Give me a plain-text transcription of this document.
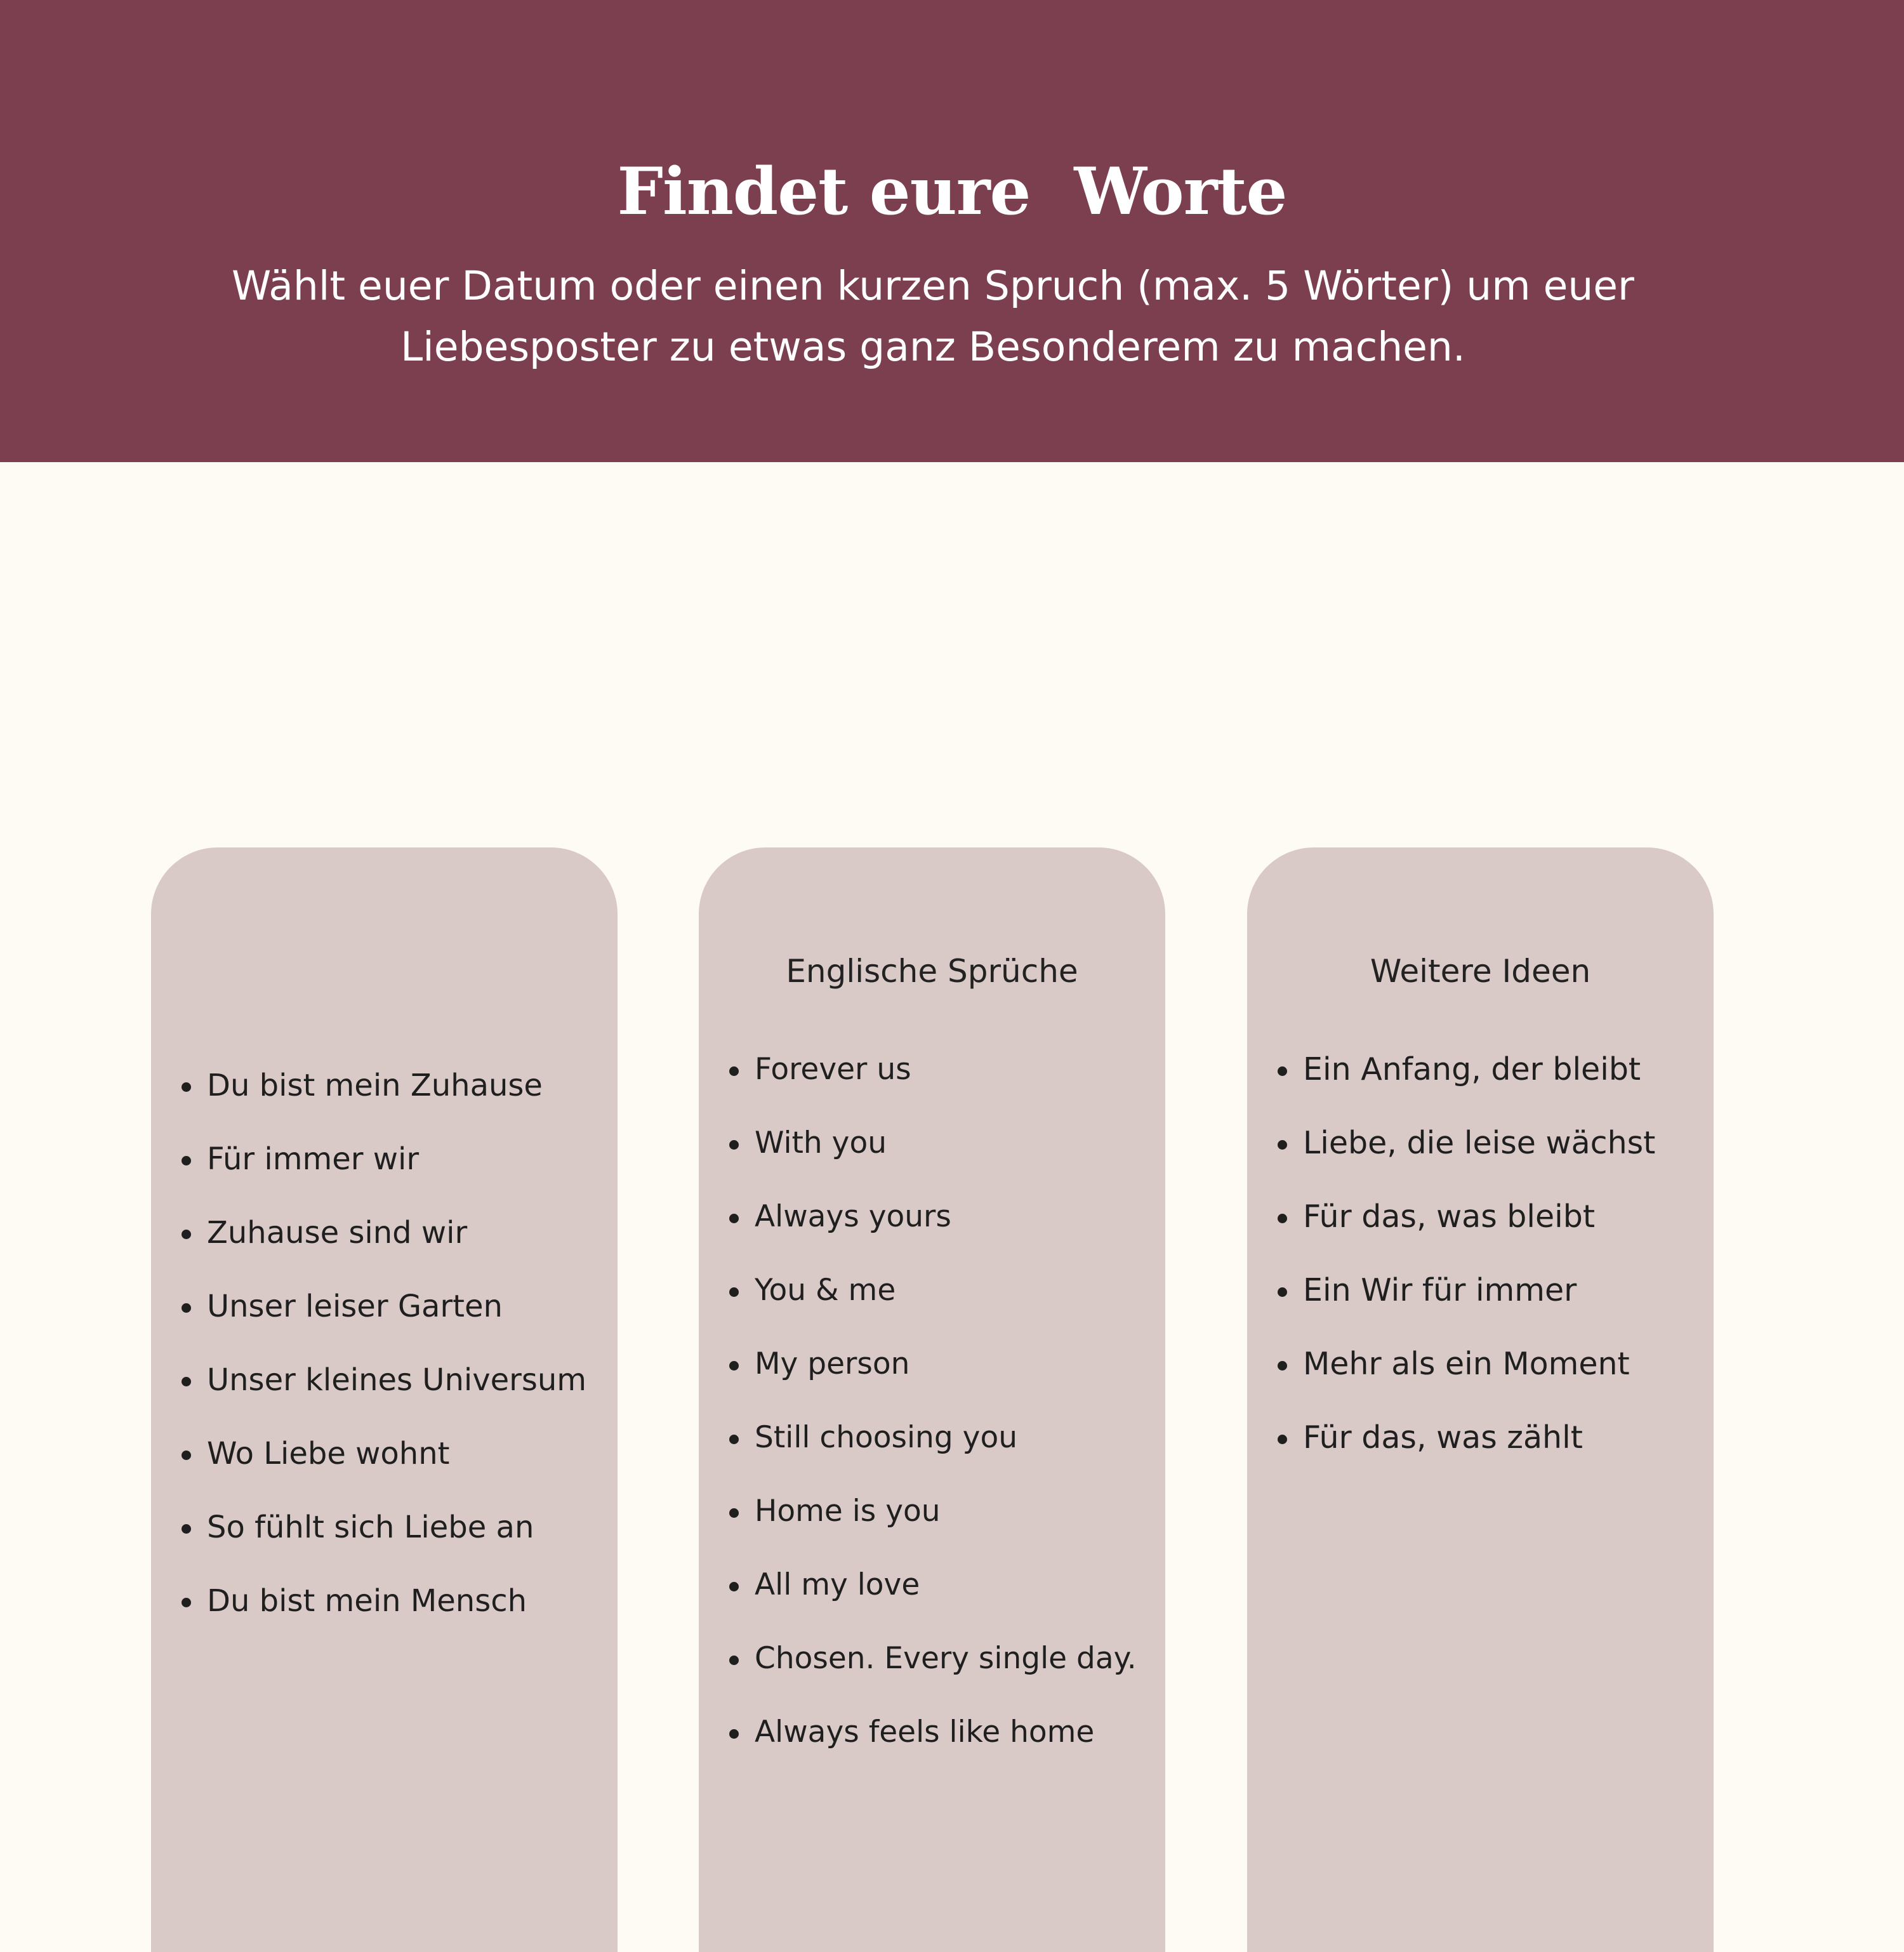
Findet eure  Worte

Wählt euer Datum oder einen kurzen Spruch (max. 5 Wörter) um euer Liebesposter zu etwas ganz Besonderem zu machen.

Du bist mein Zuhause
Für immer wir
Zuhause sind wir
Unser leiser Garten
Unser kleines Universum
Wo Liebe wohnt
So fühlt sich Liebe an
Du bist mein Mensch
Englische Sprüche
Forever us
With you
Always yours
You & me
My person
Still choosing you
Home is you
All my love
Chosen. Every single day.
Always feels like home
Weitere Ideen
Ein Anfang, der bleibt
Liebe, die leise wächst
Für das, was bleibt
Ein Wir für immer
Mehr als ein Moment
Für das, was zählt
